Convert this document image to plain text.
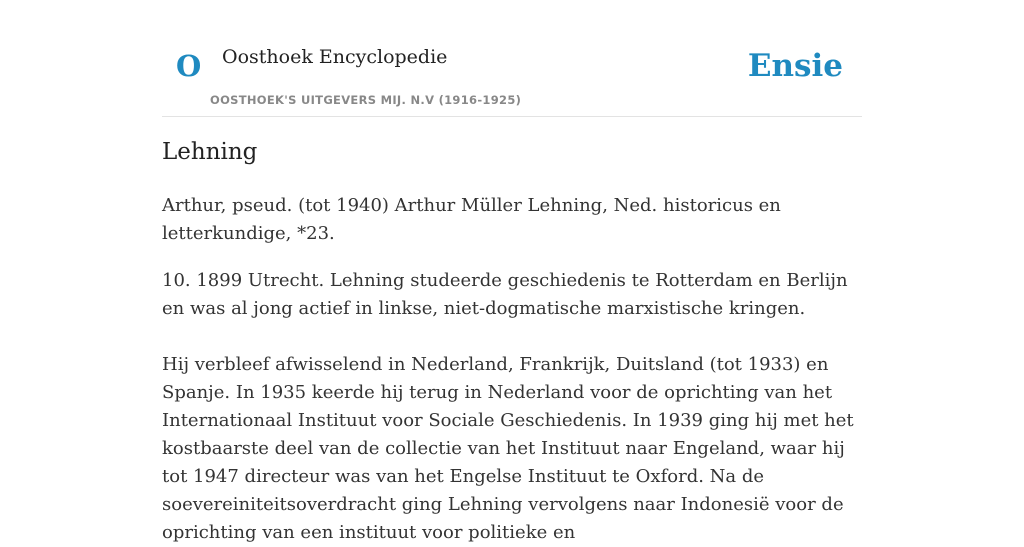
O Oosthoek Encyclopedie
OOSTHOEK'S UITGEVERS MIJ. N.V (1916-1925)
Ensie
Lehning

Arthur, pseud. (tot 1940) Arthur Müller Lehning, Ned. historicus en letterkundige, *23.

10. 1899 Utrecht. Lehning studeerde geschiedenis te Rotterdam en Berlijn en was al jong actief in linkse, niet-dogmatische marxistische kringen.

Hij verbleef afwisselend in Nederland, Frankrijk, Duitsland (tot 1933) en Spanje. In 1935 keerde hij terug in Nederland voor de oprichting van het Internationaal Instituut voor Sociale Geschiedenis. In 1939 ging hij met het kostbaarste deel van de collectie van het Instituut naar Engeland, waar hij tot 1947 directeur was van het Engelse Instituut te Oxford. Na de soevereiniteitsoverdracht ging Lehning vervolgens naar Indonesië voor de oprichting van een instituut voor politieke en
